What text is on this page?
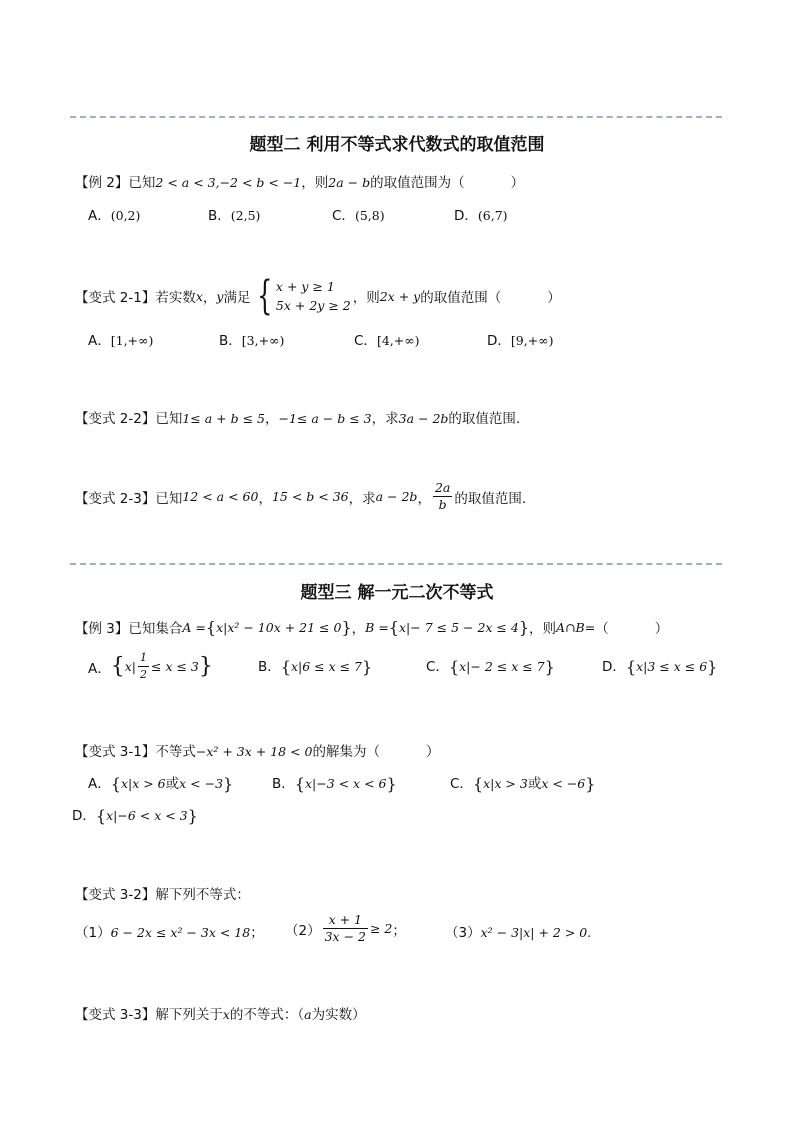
题型二 利用不等式求代数式的取值范围
【例 2】已知2 < a < 3,−2 < b < −1，则2a − b的取值范围为（	）
A．(0,2)	B．(2,5)	C．(5,8)	D．(6,7)
【变式 2-1】若实数 x ， y 满足 { x + y ≥ 1
5x + 2y ≥ 2 ，则 2x + y 的取值范围（	）
A．[1,+∞)	B．[3,+∞)	C．[4,+∞)	D．[9,+∞)
【变式 2-2】已知1≤ a + b ≤ 5，−1≤ a − b ≤ 3，求3a − 2b的取值范围.
【变式 2-3】已知 12 < a < 60 ， 15 < b < 36 ，求 a − 2b ， $\frac{2a}{b}$ 的取值范围．
题型三 解一元二次不等式
【例 3】已知集合 A = { x|x² − 10x + 21 ≤ 0 } ， B = { x|− 7 ≤ 5 − 2x ≤ 4 } ，则 A∩B= （	）
A． { $x| \frac{1}{2} \le x \le 3$ }	B．{x|6 ≤ x ≤ 7}	C．{x|− 2 ≤ x ≤ 7}	D．{x|3 ≤ x ≤ 6}
【变式 3-1】不等式−x² + 3x + 18 < 0的解集为（	）
A．{x|x > 6或x < −3}	B．{x|−3 < x < 6}	C．{x|x > 3或x < −6}
D．{x|−6 < x < 3}
【变式 3-2】解下列不等式：
（1）6 − 2x ≤ x² − 3x < 18； $(2) \frac{x + 1}{3x - 2} \ge 2$ ；	（3）x² − 3|x| + 2 > 0.
【变式 3-3】解下列关于x的不等式：（a为实数）
